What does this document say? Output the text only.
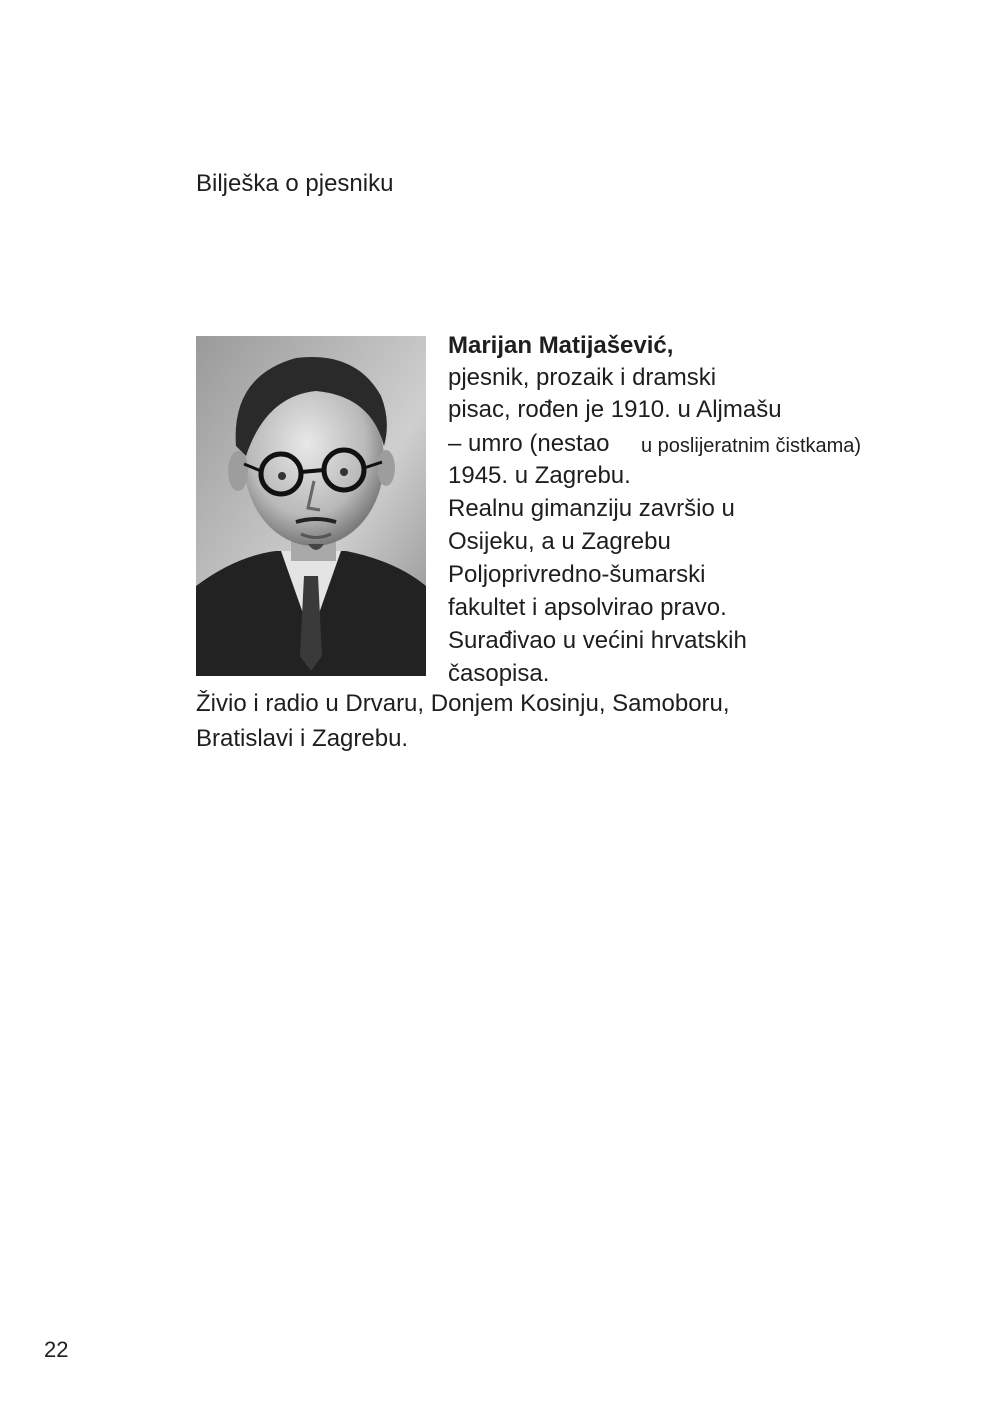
Bilješka o pjesniku
Marijan Matijašević,
pjesnik, prozaik i dramski
pisac, rođen je 1910. u Aljmašu
– umro (nestao u poslijeratnim čistkama)
1945. u Zagrebu.
Realnu gimanziju završio u
Osijeku, a u Zagrebu
Poljoprivredno-šumarski
fakultet i apsolvirao pravo.
Surađivao u većini hrvatskih
časopisa.
Živio i radio u Drvaru, Donjem Kosinju, Samoboru,
Bratislavi i Zagrebu.
22
